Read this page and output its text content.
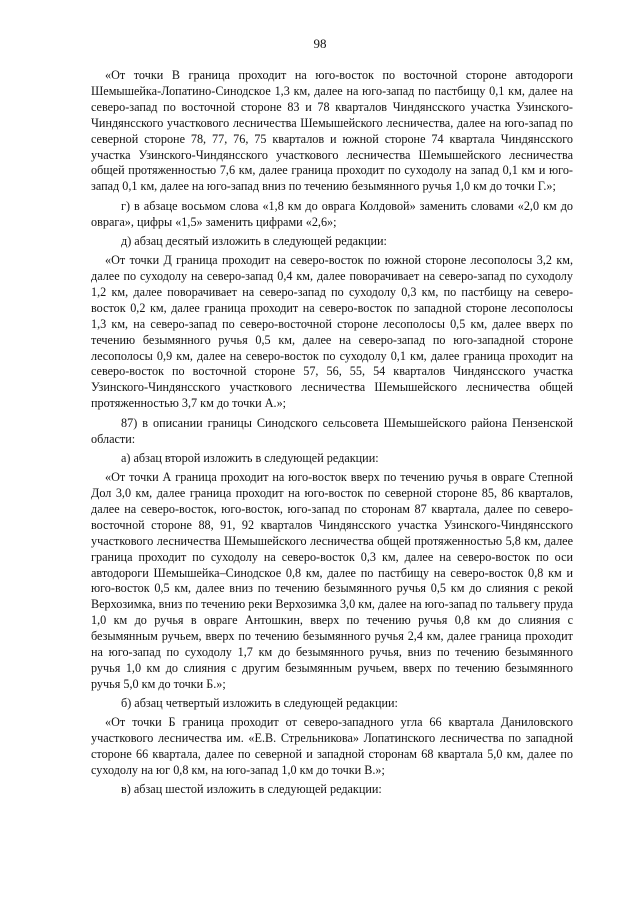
98

«От точки В граница проходит на юго-восток по восточной стороне автодороги Шемышейка-Лопатино-Синодское 1,3 км, далее на юго-запад по пастбищу 0,1 км, далее на северо-запад по восточной стороне 83 и 78 кварталов Чиндянсского участка Узинского-Чиндянсского участкового лесничества Шемышейского лесничества, далее на юго-запад по северной стороне 78, 77, 76, 75 кварталов и южной стороне 74 квартала Чиндянсского участка Узинского-Чиндянсского участкового лесничества Шемышейского лесничества общей протяженностью 7,6 км, далее граница проходит по суходолу на запад 0,1 км и юго-запад 0,1 км, далее на юго-запад вниз по течению безымянного ручья 1,0 км до точки Г.»;

г) в абзаце восьмом слова «1,8 км до оврага Колдовой» заменить словами «2,0 км до оврага», цифры «1,5» заменить цифрами «2,6»;

д) абзац десятый изложить в следующей редакции:

«От точки Д граница проходит на северо-восток по южной стороне лесополосы 3,2 км, далее по суходолу на северо-запад 0,4 км, далее поворачивает на северо-запад по суходолу 1,2 км, далее поворачивает на северо-запад по суходолу 0,3 км, по пастбищу на северо-восток 0,2 км, далее граница проходит на северо-восток по западной стороне лесополосы 1,3 км, на северо-запад по северо-восточной стороне лесополосы 0,5 км, далее вверх по течению безымянного ручья 0,5 км, далее на северо-запад по юго-западной стороне лесополосы 0,9 км, далее на северо-восток по суходолу 0,1 км, далее граница проходит на северо-восток по восточной стороне 57, 56, 55, 54 кварталов Чиндянсского участка Узинского-Чиндянсского участкового лесничества Шемышейского лесничества общей протяженностью 3,7 км до точки А.»;

87) в описании границы Синодского сельсовета Шемышейского района Пензенской области:

а) абзац второй изложить в следующей редакции:

«От точки А граница проходит на юго-восток вверх по течению ручья в овраге Степной Дол 3,0 км, далее граница проходит на юго-восток по северной стороне 85, 86 кварталов, далее на северо-восток, юго-восток, юго-запад по сторонам 87 квартала, далее по северо-восточной стороне 88, 91, 92 кварталов Чиндянсского участка Узинского-Чиндянсского участкового лесничества Шемышейского лесничества общей протяженностью 5,8 км, далее граница проходит по суходолу на северо-восток 0,3 км, далее на северо-восток по оси автодороги Шемышейка–Синодское 0,8 км, далее по пастбищу на северо-восток 0,8 км и юго-восток 0,5 км, далее вниз по течению безымянного ручья 0,5 км до слияния с рекой Верхозимка, вниз по течению реки Верхозимка 3,0 км, далее на юго-запад по тальвегу пруда 1,0 км до ручья в овраге Антошкин, вверх по течению ручья 0,8 км до слияния с безымянным ручьем, вверх по течению безымянного ручья 2,4 км, далее граница проходит на юго-запад по суходолу 1,7 км до безымянного ручья, вниз по течению безымянного ручья 1,0 км до слияния с другим безымянным ручьем, вверх по течению безымянного ручья 5,0 км до точки Б.»;

б) абзац четвертый изложить в следующей редакции:

«От точки Б граница проходит от северо-западного угла 66 квартала Даниловского участкового лесничества им. «Е.В. Стрельникова» Лопатинского лесничества по западной стороне 66 квартала, далее по северной и западной сторонам 68 квартала 5,0 км, далее по суходолу на юг 0,8 км, на юго-запад 1,0 км до точки В.»;

в) абзац шестой изложить в следующей редакции:
